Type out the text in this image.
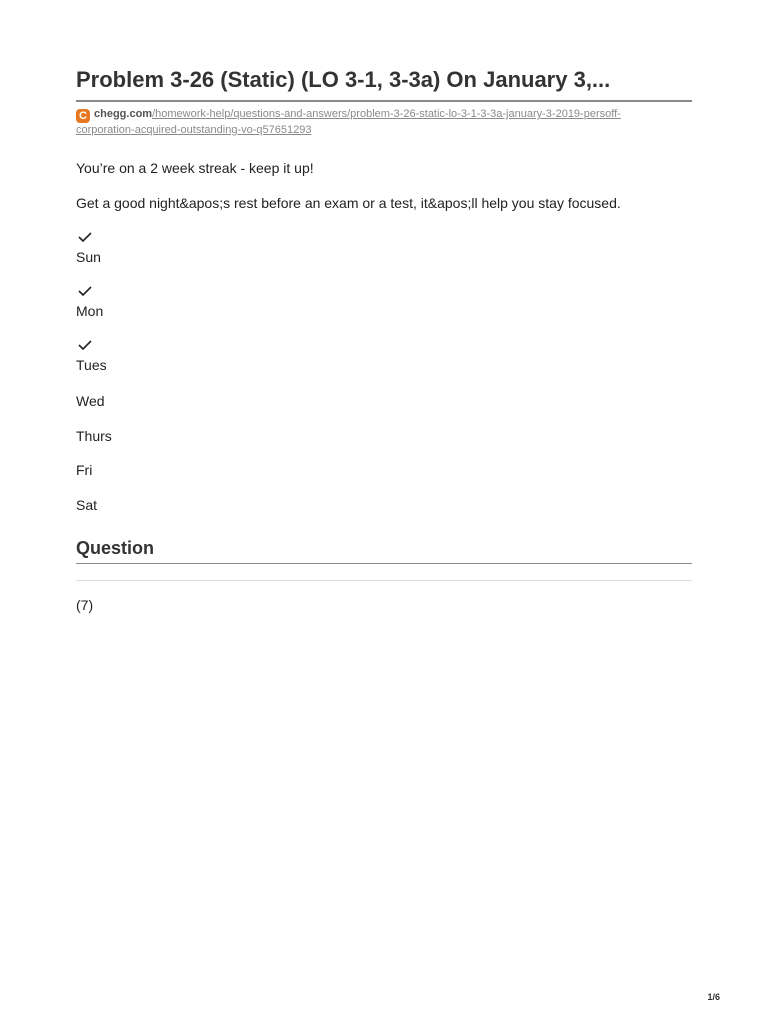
Problem 3-26 (Static) (LO 3-1, 3-3a) On January 3,...
C chegg.com/homework-help/questions-and-answers/problem-3-26-static-lo-3-1-3-3a-january-3-2019-persoff-
corporation-acquired-outstanding-vo-q57651293

You’re on a 2 week streak - keep it up!

Get a good night&apos;s rest before an exam or a test, it&apos;ll help you stay focused.

Sun
Mon
Tues
Wed
Thurs
Fri
Sat
Question
(7)
1/6
